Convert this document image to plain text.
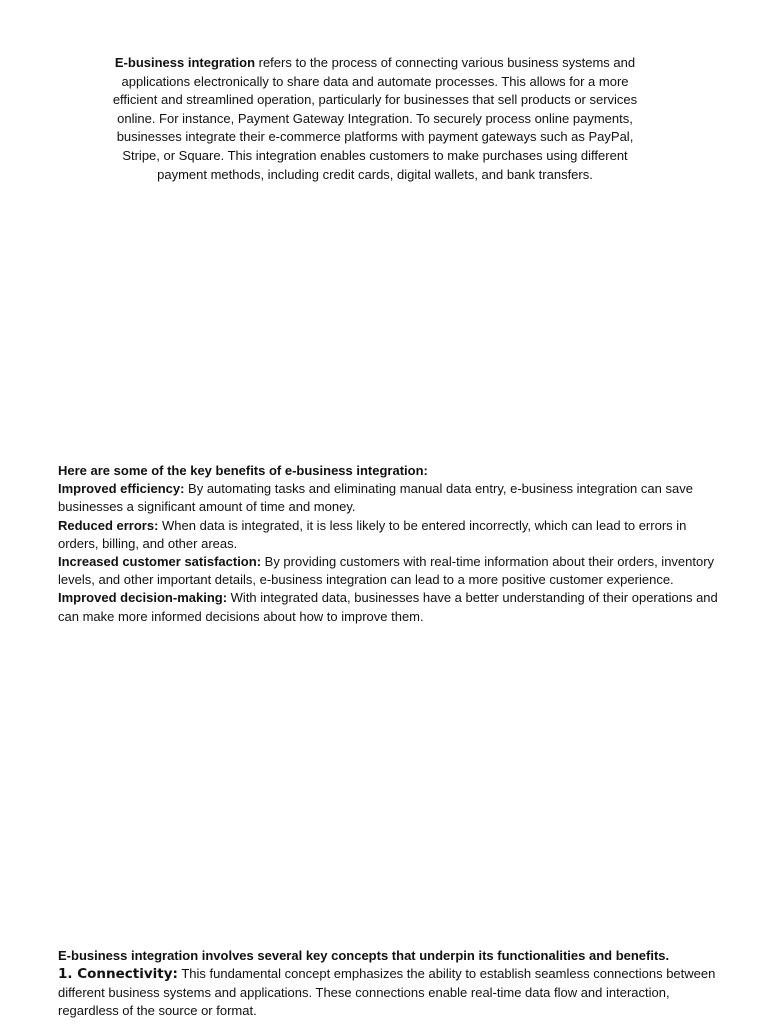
E-business integration refers to the process of connecting various business systems and applications electronically to share data and automate processes. This allows for a more efficient and streamlined operation, particularly for businesses that sell products or services online. For instance, Payment Gateway Integration. To securely process online payments, businesses integrate their e-commerce platforms with payment gateways such as PayPal, Stripe, or Square. This integration enables customers to make purchases using different payment methods, including credit cards, digital wallets, and bank transfers.

Here are some of the key benefits of e-business integration:

Improved efficiency: By automating tasks and eliminating manual data entry, e-business integration can save businesses a significant amount of time and money.

Reduced errors: When data is integrated, it is less likely to be entered incorrectly, which can lead to errors in orders, billing, and other areas.

Increased customer satisfaction: By providing customers with real-time information about their orders, inventory levels, and other important details, e-business integration can lead to a more positive customer experience.

Improved decision-making: With integrated data, businesses have a better understanding of their operations and can make more informed decisions about how to improve them.

E-business integration involves several key concepts that underpin its functionalities and benefits.

1. Connectivity: This fundamental concept emphasizes the ability to establish seamless connections between different business systems and applications. These connections enable real-time data flow and interaction, regardless of the source or format.
